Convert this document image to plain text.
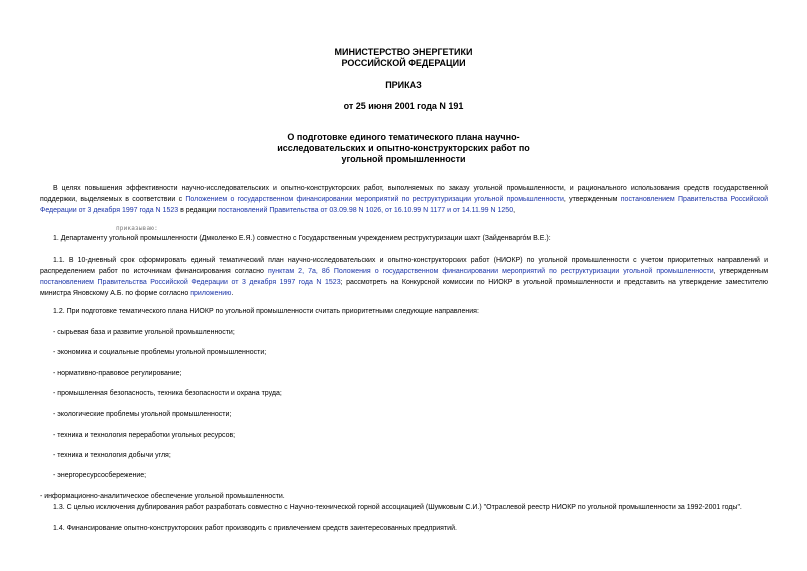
МИНИСТЕРСТВО ЭНЕРГЕТИКИ
РОССИЙСКОЙ ФЕДЕРАЦИИ
ПРИКАЗ
от 25 июня 2001 года N 191
О подготовке единого тематического плана научно-
исследовательских и опытно-конструкторских работ по
угольной промышленности
В целях повышения эффективности научно-исследовательских и опытно-конструкторских работ, выполняемых по заказу угольной промышленности, и рационального использования средств государственной
поддержки, выделяемых в соответствии с Положением о государственном финансировании мероприятий по реструктуризации угольной промышленности, утвержденным постановлением Правительства Российской
Федерации от 3 декабря 1997 года N 1523 в редакции постановлений Правительства от 03.09.98 N 1026, от 16.10.99 N 1177 и от 14.11.99 N 1250,
приказываю:
1. Департаменту угольной промышленности (Дмколенко Е.Я.) совместно с Государственным учреждением реструктуризации шахт (Зайденварго́м В.Е.):
1.1. В 10-дневный срок сформировать единый тематический план научно-исследовательских и опытно-конструкторских работ (НИОКР) по угольной промышленности с учетом приоритетных направлений и
распределением работ по источникам финансирования согласно пунктам 2, 7а, 8б Положения о государственном финансировании мероприятий по реструктуризации угольной промышленности, утвержденным
постановлением Правительства Российской Федерации от 3 декабря 1997 года N 1523; рассмотреть на Конкурсной комиссии по НИОКР в угольной промышленности и представить на утверждение заместителю
министра Яновскому А.Б. по форме согласно приложению.
1.2. При подготовке тематического плана НИОКР по угольной промышленности считать приоритетными следующие направления:
- сырьевая база и развитие угольной промышленности;
- экономика и социальные проблемы угольной промышленности;
- нормативно-правовое регулирование;
- промышленная безопасность, техника безопасности и охрана труда;
- экологические проблемы угольной промышленности;
- техника и технология переработки угольных ресурсов;
- техника и технология добычи угля;
- энергоресурсосбережение;
- информационно-аналитическое обеспечение угольной промышленности.
1.3. С целью исключения дублирования работ разработать совместно с Научно-технической горной ассоциацией (Шумковым С.И.) "Отраслевой реестр НИОКР по угольной промышленности за 1992-2001 годы".
1.4. Финансирование опытно-конструкторских работ производить с привлечением средств заинтересованных предприятий.
